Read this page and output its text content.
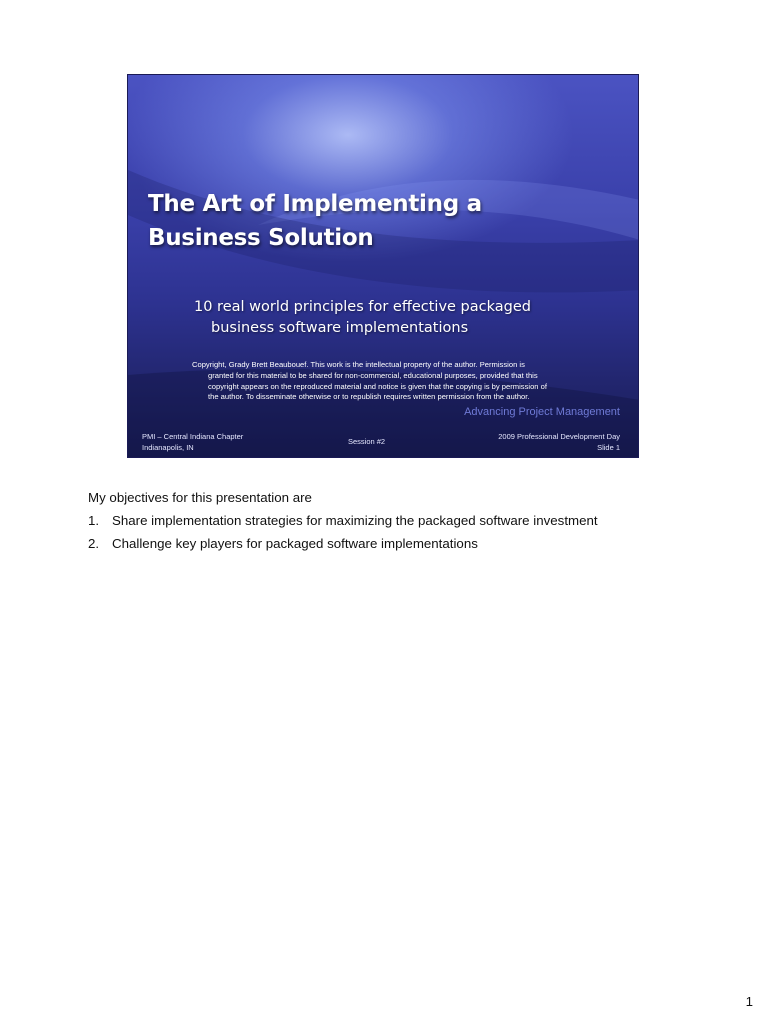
The Art of Implementing a
Business Solution

10 real world principles for effective packaged
business software implementations

Copyright, Grady Brett Beaubouef. This work is the intellectual property of the author. Permission is
granted for this material to be shared for non-commercial, educational purposes, provided that this
copyright appears on the reproduced material and notice is given that the copying is by permission of
the author. To disseminate otherwise or to republish requires written permission from the author.

Advancing Project Management

PMI – Central Indiana Chapter
Indianapolis, IN
Session #2
2009 Professional Development Day
Slide 1

My objectives for this presentation are

1. Share implementation strategies for maximizing the packaged software investment
2. Challenge key players for packaged software implementations
1
